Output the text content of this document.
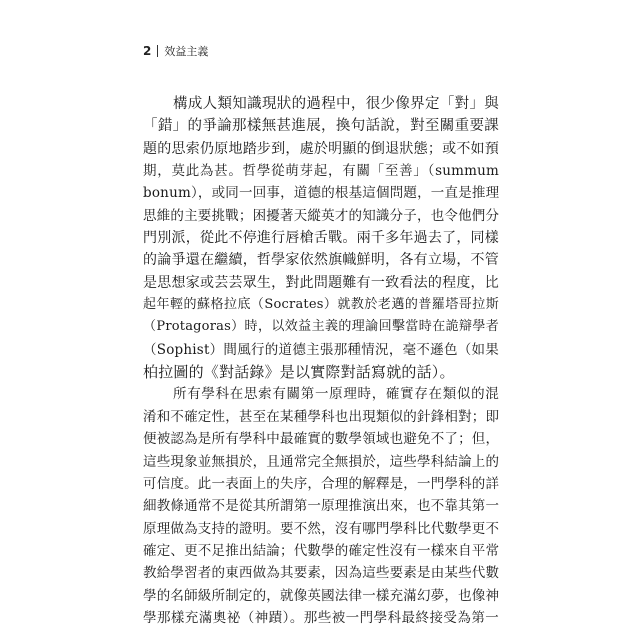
2 效益主義
構成人類知識現狀的過程中，很少像界定「對」與
「錯」的爭論那樣無甚進展，換句話說，對至關重要課
題的思索仍原地踏步到，處於明顯的倒退狀態；或不如預
期，莫此為甚。哲學從萌芽起，有關「至善」（summum
bonum），或同一回事，道德的根基這個問題，一直是推理
思維的主要挑戰；困擾著天縱英才的知識分子，也令他們分
門別派，從此不停進行唇槍舌戰。兩千多年過去了，同樣
的論爭還在繼續，哲學家依然旗幟鮮明，各有立場，不管
是思想家或芸芸眾生，對此問題難有一致看法的程度，比
起年輕的蘇格拉底（Socrates）就教於老邁的普羅塔哥拉斯
（Protagoras）時，以效益主義的理論回擊當時在詭辯學者
（Sophist）間風行的道德主張那種情況，毫不遜色（如果
柏拉圖的《對話錄》是以實際對話寫就的話）。
所有學科在思索有關第一原理時，確實存在類似的混
淆和不確定性，甚至在某種學科也出現類似的針鋒相對；即
便被認為是所有學科中最確實的數學領域也避免不了；但，
這些現象並無損於，且通常完全無損於，這些學科結論上的
可信度。此一表面上的失序，合理的解釋是，一門學科的詳
細教條通常不是從其所謂第一原理推演出來，也不靠其第一
原理做為支持的證明。要不然，沒有哪門學科比代數學更不
確定、更不足推出結論；代數學的確定性沒有一樣來自平常
教給學習者的東西做為其要素，因為這些要素是由某些代數
學的名師級所制定的，就像英國法律一樣充滿幻夢，也像神
學那樣充滿奧祕（神蹟）。那些被一門學科最終接受為第一
